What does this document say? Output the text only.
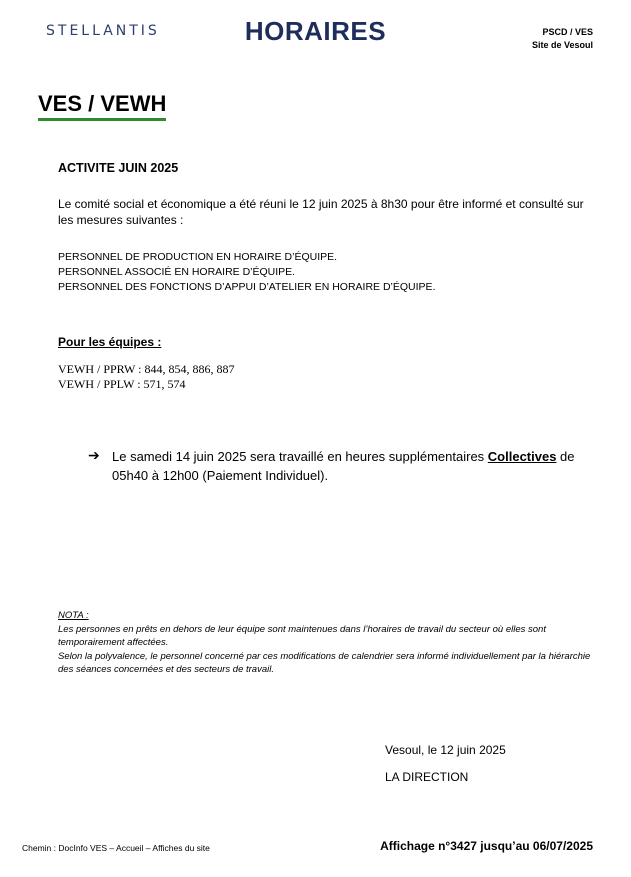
STELLANTIS	HORAIRES	PSCD / VES
Site de Vesoul
VES / VEWH
ACTIVITE JUIN 2025
Le comité social et économique a été réuni le 12 juin 2025 à 8h30 pour être informé et consulté sur les mesures suivantes :
PERSONNEL DE PRODUCTION EN HORAIRE D’ÉQUIPE.
PERSONNEL ASSOCIÉ EN HORAIRE D’ÉQUIPE.
PERSONNEL DES FONCTIONS D’APPUI D’ATELIER EN HORAIRE D’ÉQUIPE.
Pour les équipes :
VEWH / PPRW : 844, 854, 886, 887
VEWH / PPLW : 571, 574
➔ Le samedi 14 juin 2025 sera travaillé en heures supplémentaires Collectives de 05h40 à 12h00 (Paiement Individuel).
NOTA :
Les personnes en prêts en dehors de leur équipe sont maintenues dans l’horaires de travail du secteur où elles sont temporairement affectées.
Selon la polyvalence, le personnel concerné par ces modifications de calendrier sera informé individuellement par la hiérarchie des séances concernées et des secteurs de travail.
Vesoul, le 12 juin 2025
LA DIRECTION
Chemin : DocInfo VES – Accueil – Affiches du site	Affichage n°3427 jusqu’au 06/07/2025
